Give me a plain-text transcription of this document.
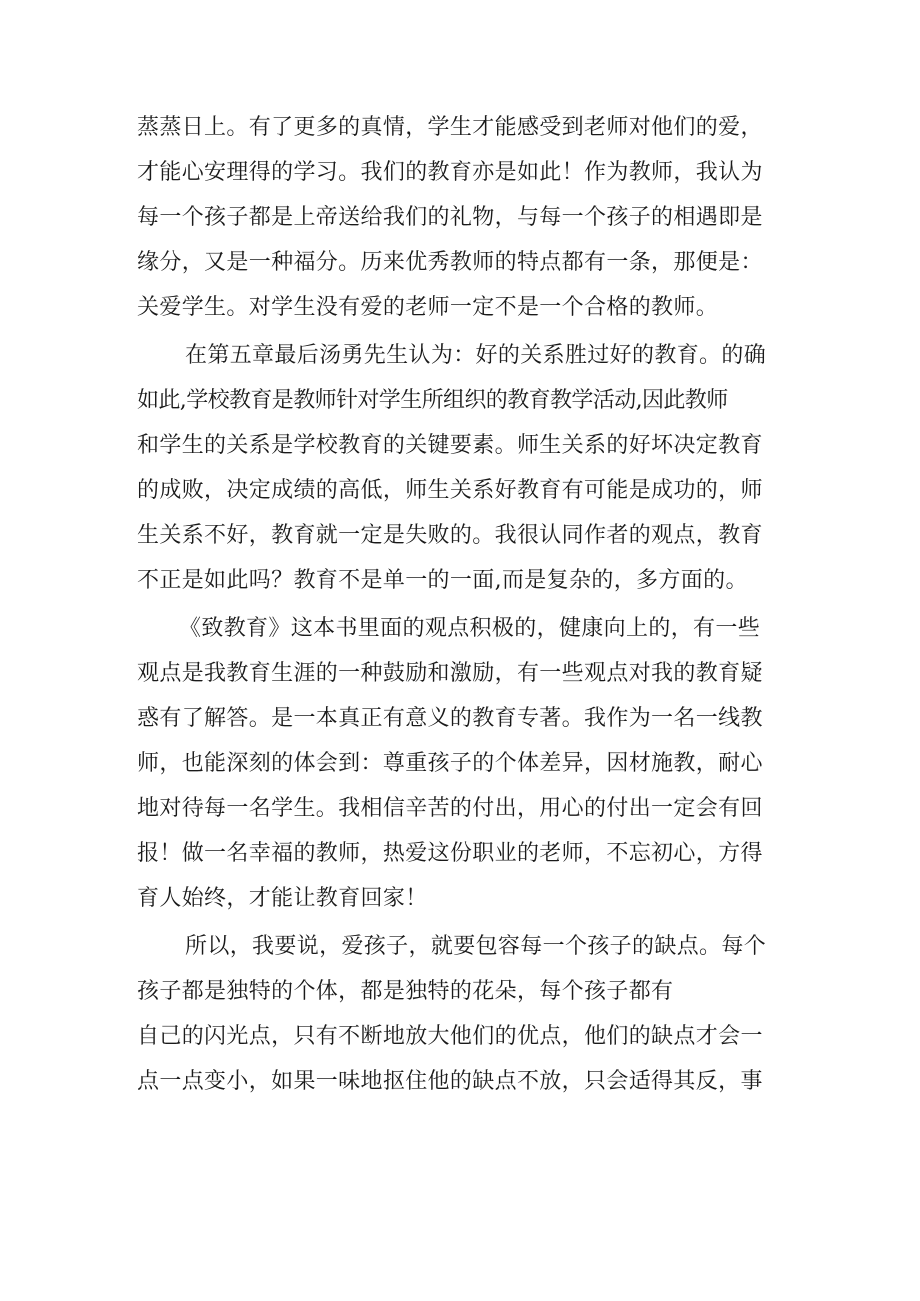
蒸蒸日上。有了更多的真情，学生才能感受到老师对他们的爱，
才能心安理得的学习。我们的教育亦是如此！作为教师，我认为
每一个孩子都是上帝送给我们的礼物，与每一个孩子的相遇即是
缘分，又是一种福分。历来优秀教师的特点都有一条，那便是：
关爱学生。对学生没有爱的老师一定不是一个合格的教师。
在第五章最后汤勇先生认为：好的关系胜过好的教育。的确
如此,学校教育是教师针对学生所组织的教育教学活动,因此教师
和学生的关系是学校教育的关键要素。师生关系的好坏决定教育
的成败，决定成绩的高低，师生关系好教育有可能是成功的，师
生关系不好，教育就一定是失败的。我很认同作者的观点，教育
不正是如此吗？教育不是单一的一面,而是复杂的，多方面的。
《致教育》这本书里面的观点积极的，健康向上的，有一些
观点是我教育生涯的一种鼓励和激励，有一些观点对我的教育疑
惑有了解答。是一本真正有意义的教育专著。我作为一名一线教
师，也能深刻的体会到：尊重孩子的个体差异，因材施教，耐心
地对待每一名学生。我相信辛苦的付出，用心的付出一定会有回
报！做一名幸福的教师，热爱这份职业的老师，不忘初心，方得
育人始终，才能让教育回家！
所以，我要说，爱孩子，就要包容每一个孩子的缺点。每个
孩子都是独特的个体，都是独特的花朵，每个孩子都有
自己的闪光点，只有不断地放大他们的优点，他们的缺点才会一
点一点变小，如果一味地抠住他的缺点不放，只会适得其反，事
